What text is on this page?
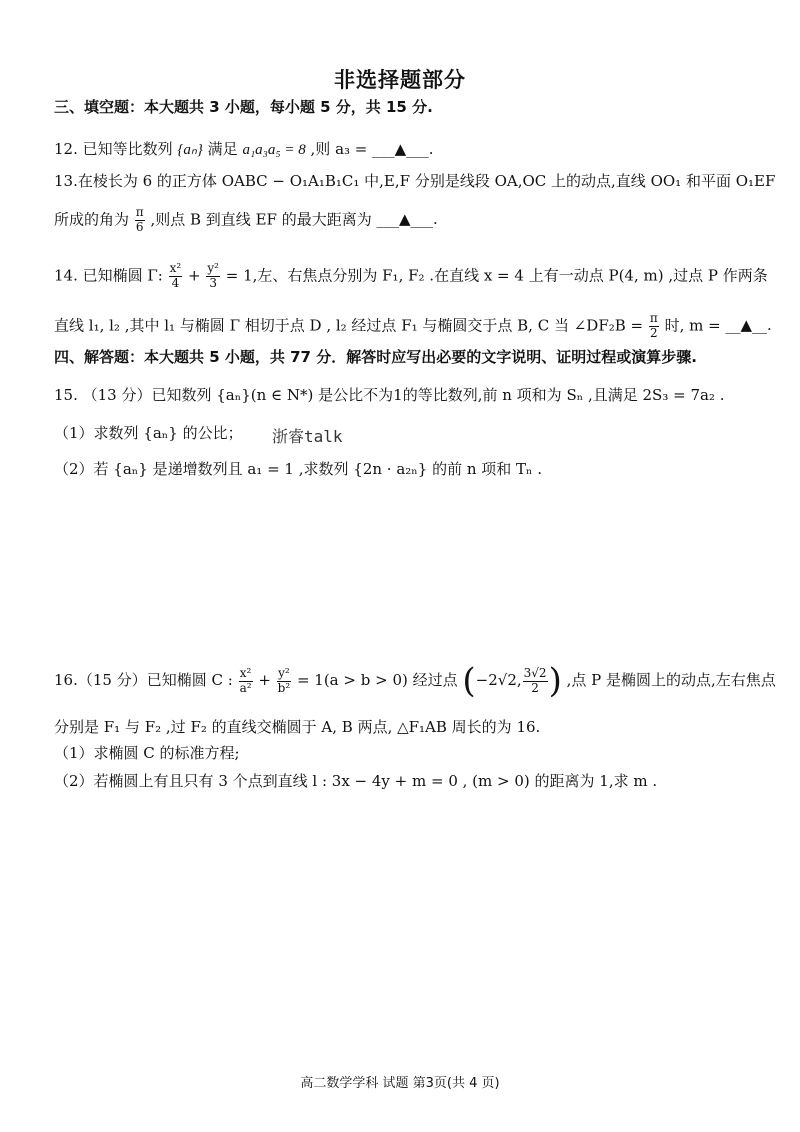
非选择题部分
三、填空题：本大题共 3 小题，每小题 5 分，共 15 分.
12. 已知等比数列 {aₙ} 满足 a₁a₃a₅ = 8 ,则 a₃ = ___▲___.
13.在棱长为 6 的正方体 OABC − O₁A₁B₁C₁ 中,E,F 分别是线段 OA,OC 上的动点,直线 OO₁ 和平面 O₁EF
所成的角为 $\frac{\pi}{6}$ ,则点 B 到直线 EF 的最大距离为 ___▲___.
14. 已知椭圆 Γ: $\frac{\text{x²}}{4} + \frac{\text{y²}}{3} = 1$,左、右焦点分别为 F₁, F₂ .在直线 x = 4 上有一动点 P(4, m) ,过点 P 作两条
直线 l₁, l₂ ,其中 l₁ 与椭圆 Γ 相切于点 D , l₂ 经过点 F₁ 与椭圆交于点 B, C 当 ∠DF₂B = $\frac{\pi}{2}$ 时, m = __▲__.
四、解答题：本大题共 5 小题，共 77 分．解答时应写出必要的文字说明、证明过程或演算步骤.
15. （13 分）已知数列 {aₙ}(n ∈ N*) 是公比不为1的等比数列,前 n 项和为 Sₙ ,且满足 2S₃ = 7a₂ .
（1）求数列 {aₙ} 的公比； 浙睿talk
（2）若 {aₙ} 是递增数列且 a₁ = 1 ,求数列 {2n · a₂ₙ} 的前 n 项和 Tₙ .
16.（15 分）已知椭圆 C : $\frac{\text{x²}}{\text{a²}} + \frac{\text{y²}}{\text{b²}} = 1(a > b > 0)$ 经过点 (−2√2, $\frac{3√2}{2}$ ) ,点 P 是椭圆上的动点,左右焦点
分别是 F₁ 与 F₂ ,过 F₂ 的直线交椭圆于 A, B 两点, △F₁AB 周长的为 16.
（1）求椭圆 C 的标准方程;
（2）若椭圆上有且只有 3 个点到直线 l : 3x − 4y + m = 0 , (m > 0) 的距离为 1,求 m .
高二数学学科 试题 第3页(共 4 页)
